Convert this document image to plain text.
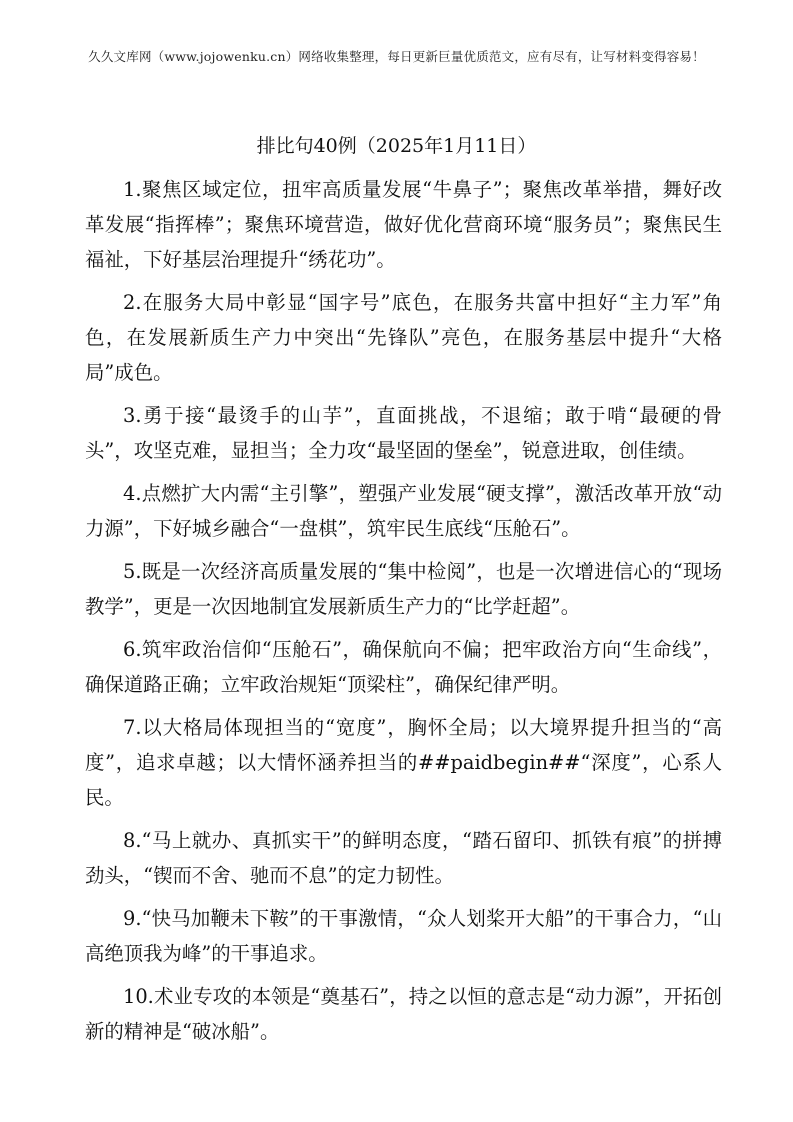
久久文库网（www.jojowenku.cn）网络收集整理，每日更新巨量优质范文，应有尽有，让写材料变得容易！
排比句40例（2025年1月11日）

1.聚焦区域定位，扭牢高质量发展“牛鼻子”；聚焦改革举措，舞好改革发展“指挥棒”；聚焦环境营造，做好优化营商环境“服务员”；聚焦民生福祉，下好基层治理提升“绣花功”。

2.在服务大局中彰显“国字号”底色，在服务共富中担好“主力军”角色，在发展新质生产力中突出“先锋队”亮色，在服务基层中提升“大格局”成色。

3.勇于接“最烫手的山芋”，直面挑战，不退缩；敢于啃“最硬的骨头”，攻坚克难，显担当；全力攻“最坚固的堡垒”，锐意进取，创佳绩。

4.点燃扩大内需“主引擎”，塑强产业发展“硬支撑”，激活改革开放“动力源”，下好城乡融合“一盘棋”，筑牢民生底线“压舱石”。

5.既是一次经济高质量发展的“集中检阅”，也是一次增进信心的“现场教学”，更是一次因地制宜发展新质生产力的“比学赶超”。

6.筑牢政治信仰“压舱石”，确保航向不偏；把牢政治方向“生命线”，确保道路正确；立牢政治规矩“顶梁柱”，确保纪律严明。

7.以大格局体现担当的“宽度”，胸怀全局；以大境界提升担当的“高度”，追求卓越；以大情怀涵养担当的##paidbegin##“深度”，心系人民。

8.“马上就办、真抓实干”的鲜明态度，“踏石留印、抓铁有痕”的拼搏劲头，“锲而不舍、驰而不息”的定力韧性。

9.“快马加鞭未下鞍”的干事激情，“众人划桨开大船”的干事合力，“山高绝顶我为峰”的干事追求。

10.术业专攻的本领是“奠基石”，持之以恒的意志是“动力源”，开拓创新的精神是“破冰船”。
